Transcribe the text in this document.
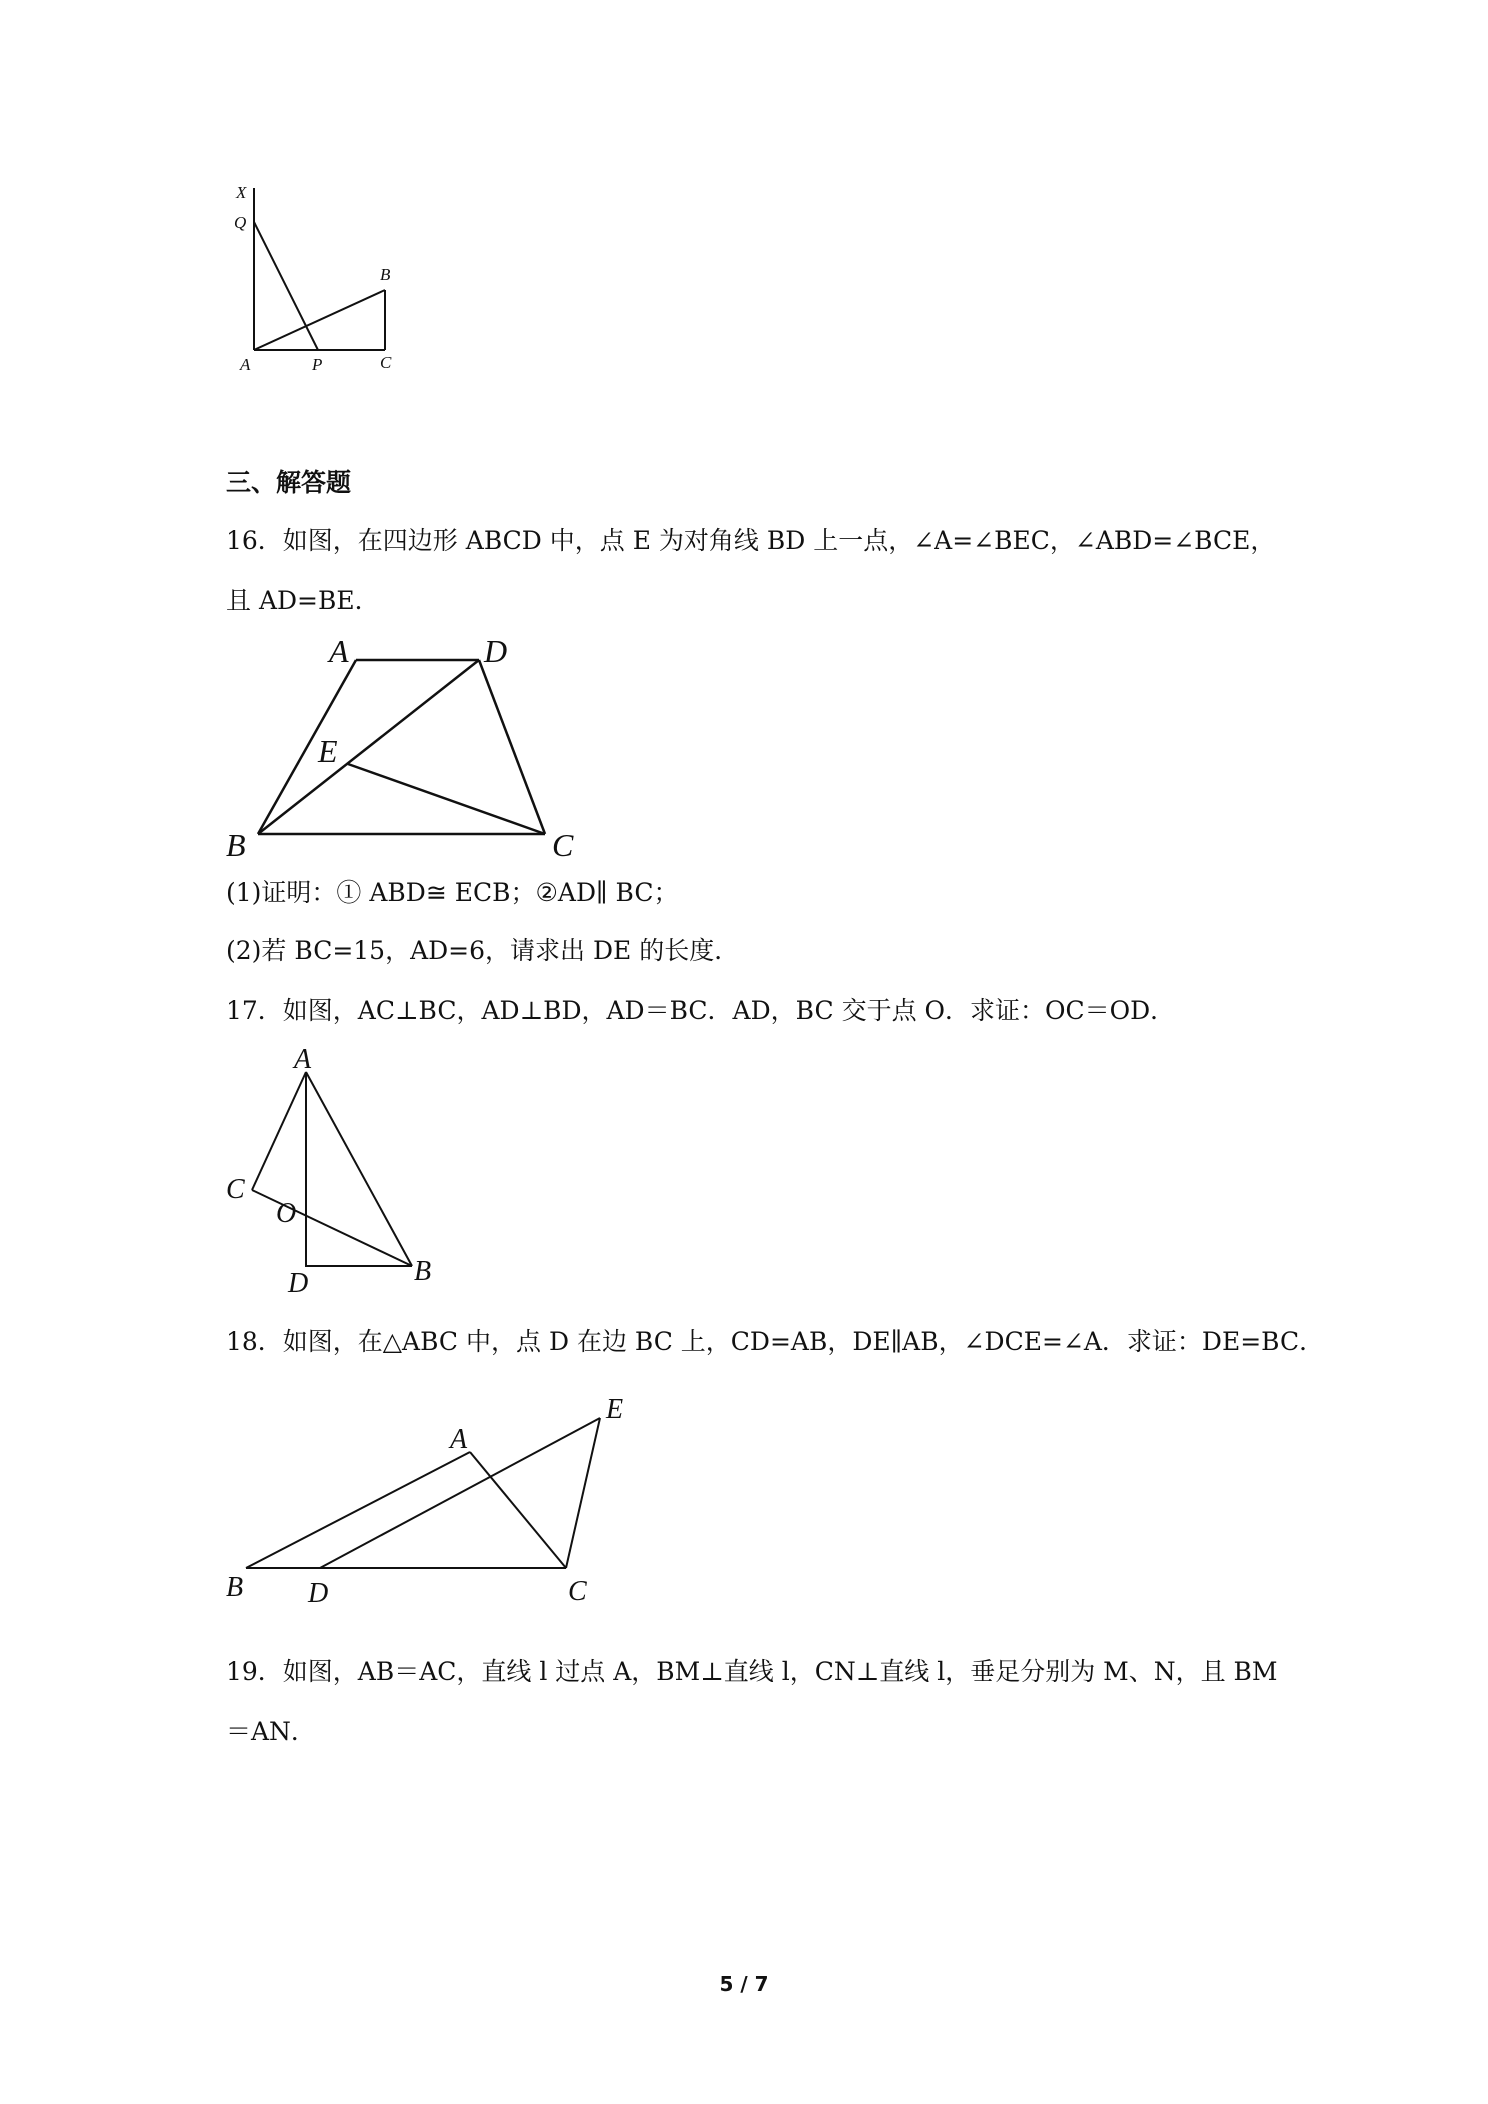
X
Q
B
A	P	C
三、解答题
16．如图，在四边形 ABCD 中，点 E 为对角线 BD 上一点，∠A=∠BEC，∠ABD=∠BCE，
且 AD=BE．
A	D
E
B	C
(1)证明：① ABD≅ ECB；②AD∥ BC；
(2)若 BC=15，AD=6，请求出 DE 的长度．
17．如图，AC⊥BC，AD⊥BD，AD＝BC．AD，BC 交于点 O．求证：OC＝OD．
A
C
O
D	B
18．如图，在△ABC 中，点 D 在边 BC 上，CD=AB，DE∥AB，∠DCE=∠A．求证：DE=BC．
A
E
B D	C
19．如图，AB＝AC，直线 l 过点 A，BM⊥直线 l，CN⊥直线 l，垂足分别为 M、N，且 BM
＝AN．
5 / 7
